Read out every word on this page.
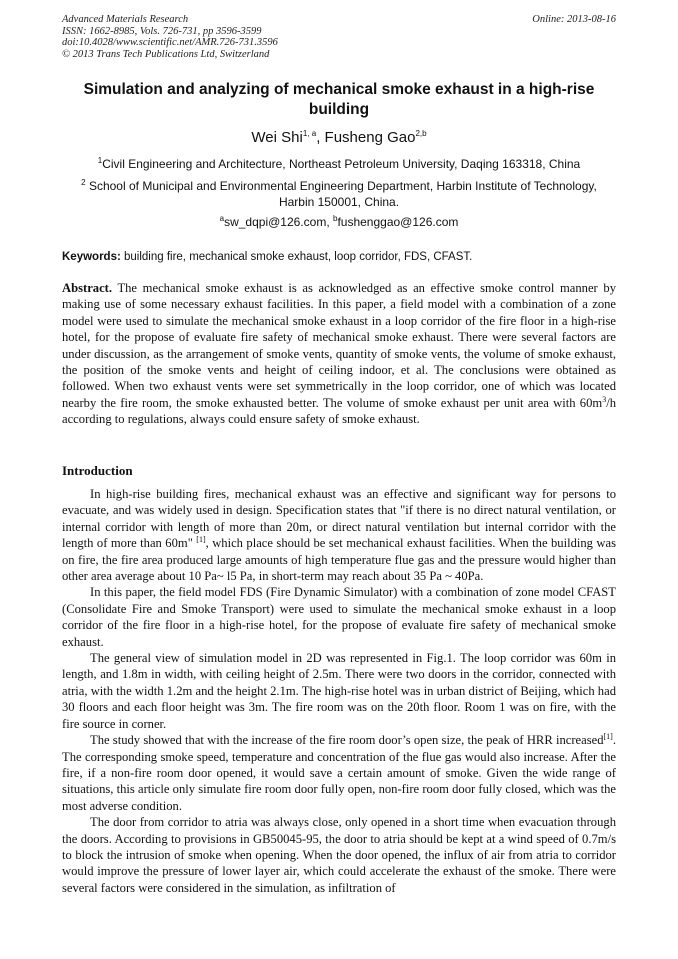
Advanced Materials Research
ISSN: 1662-8985, Vols. 726-731, pp 3596-3599
doi:10.4028/www.scientific.net/AMR.726-731.3596
© 2013 Trans Tech Publications Ltd, Switzerland
Online: 2013-08-16
Simulation and analyzing of mechanical smoke exhaust in a high-rise building
Wei Shi$^{1, a}$, Fusheng Gao$^{2,b}$
$^1$Civil Engineering and Architecture, Northeast Petroleum University, Daqing 163318, China
$^2$ School of Municipal and Environmental Engineering Department, Harbin Institute of Technology, Harbin 150001, China.
$^a$sw_dqpi@126.com, $^b$fushenggao@126.com
Keywords: building fire, mechanical smoke exhaust, loop corridor, FDS, CFAST.
Abstract. The mechanical smoke exhaust is as acknowledged as an effective smoke control manner by making use of some necessary exhaust facilities. In this paper, a field model with a combination of a zone model were used to simulate the mechanical smoke exhaust in a loop corridor of the fire floor in a high-rise hotel, for the propose of evaluate fire safety of mechanical smoke exhaust. There were several factors are under discussion, as the arrangement of smoke vents, quantity of smoke vents, the volume of smoke exhaust, the position of the smoke vents and height of ceiling indoor, et al. The conclusions were obtained as followed. When two exhaust vents were set symmetrically in the loop corridor, one of which was located nearby the fire room, the smoke exhausted better. The volume of smoke exhaust per unit area with $60m^3/h$ according to regulations, always could ensure safety of smoke exhaust.
Introduction

In high-rise building fires, mechanical exhaust was an effective and significant way for persons to evacuate, and was widely used in design. Specification states that "if there is no direct natural ventilation, or internal corridor with length of more than 20m, or direct natural ventilation but internal corridor with the length of more than 60m" [1], which place should be set mechanical exhaust facilities. When the building was on fire, the fire area produced large amounts of high temperature flue gas and the pressure would higher than other area average about 10 Pa~ l5 Pa, in short-term may reach about 35 Pa ~ 40Pa.

In this paper, the field model FDS (Fire Dynamic Simulator) with a combination of zone model CFAST (Consolidate Fire and Smoke Transport) were used to simulate the mechanical smoke exhaust in a loop corridor of the fire floor in a high-rise hotel, for the propose of evaluate fire safety of mechanical smoke exhaust.

The general view of simulation model in 2D was represented in Fig.1. The loop corridor was 60m in length, and 1.8m in width, with ceiling height of 2.5m. There were two doors in the corridor, connected with atria, with the width 1.2m and the height 2.1m. The high-rise hotel was in urban district of Beijing, which had 30 floors and each floor height was 3m. The fire room was on the 20th floor. Room 1 was on fire, with the fire source in corner.

The study showed that with the increase of the fire room door’s open size, the peak of HRR increased[1]. The corresponding smoke speed, temperature and concentration of the flue gas would also increase. After the fire, if a non-fire room door opened, it would save a certain amount of smoke. Given the wide range of situations, this article only simulate fire room door fully open, non-fire room door fully closed, which was the most adverse condition.

The door from corridor to atria was always close, only opened in a short time when evacuation through the doors. According to provisions in GB50045-95, the door to atria should be kept at a wind speed of 0.7m/s to block the intrusion of smoke when opening. When the door opened, the influx of air from atria to corridor would improve the pressure of lower layer air, which could accelerate the exhaust of the smoke. There were several factors were considered in the simulation, as infiltration of
